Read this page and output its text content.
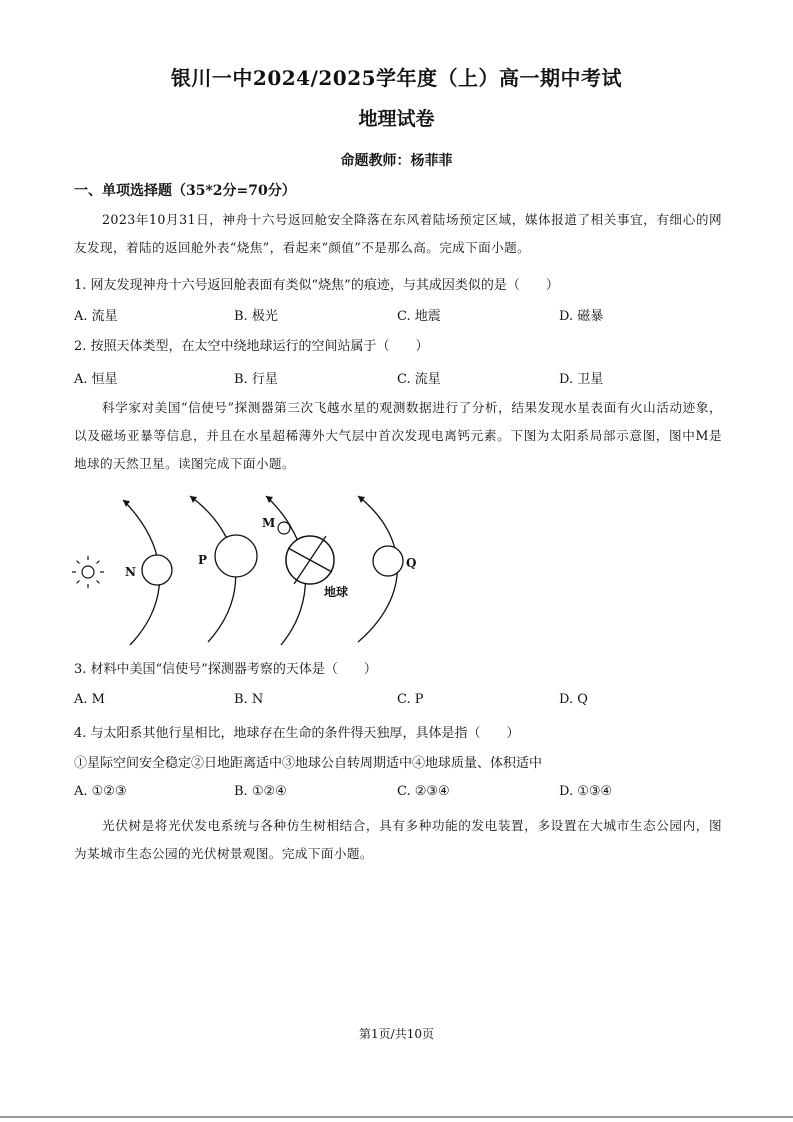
银川一中2024/2025学年度（上）高一期中考试
地理试卷
命题教师：杨菲菲
一、单项选择题（35*2分=70分）
2023年10月31日，神舟十六号返回舱安全降落在东风着陆场预定区域，媒体报道了相关事宜，有细心的网友发现，着陆的返回舱外表“烧焦”，看起来“颜值”不是那么高。完成下面小题。
1. 网友发现神舟十六号返回舱表面有类似“烧焦”的痕迹，与其成因类似的是（　　）
A. 流星	B. 极光	C. 地震	D. 磁暴
2. 按照天体类型，在太空中绕地球运行的空间站属于（　　）
A. 恒星	B. 行星	C. 流星	D. 卫星
科学家对美国“信使号”探测器第三次飞越水星的观测数据进行了分析，结果发现水星表面有火山活动迹象，以及磁场亚暴等信息，并且在水星超稀薄外大气层中首次发现电离钙元素。下图为太阳系局部示意图，图中M是地球的天然卫星。读图完成下面小题。
N
P
M
地球
Q
3. 材料中美国“信使号”探测器考察的天体是（　　）
A. M	B. N	C. P	D. Q
4. 与太阳系其他行星相比，地球存在生命的条件得天独厚，具体是指（　　）
①星际空间安全稳定②日地距离适中③地球公自转周期适中④地球质量、体积适中
A. ①②③	B. ①②④	C. ②③④	D. ①③④
光伏树是将光伏发电系统与各种仿生树相结合，具有多种功能的发电装置，多设置在大城市生态公园内，图为某城市生态公园的光伏树景观图。完成下面小题。
第1页/共10页
